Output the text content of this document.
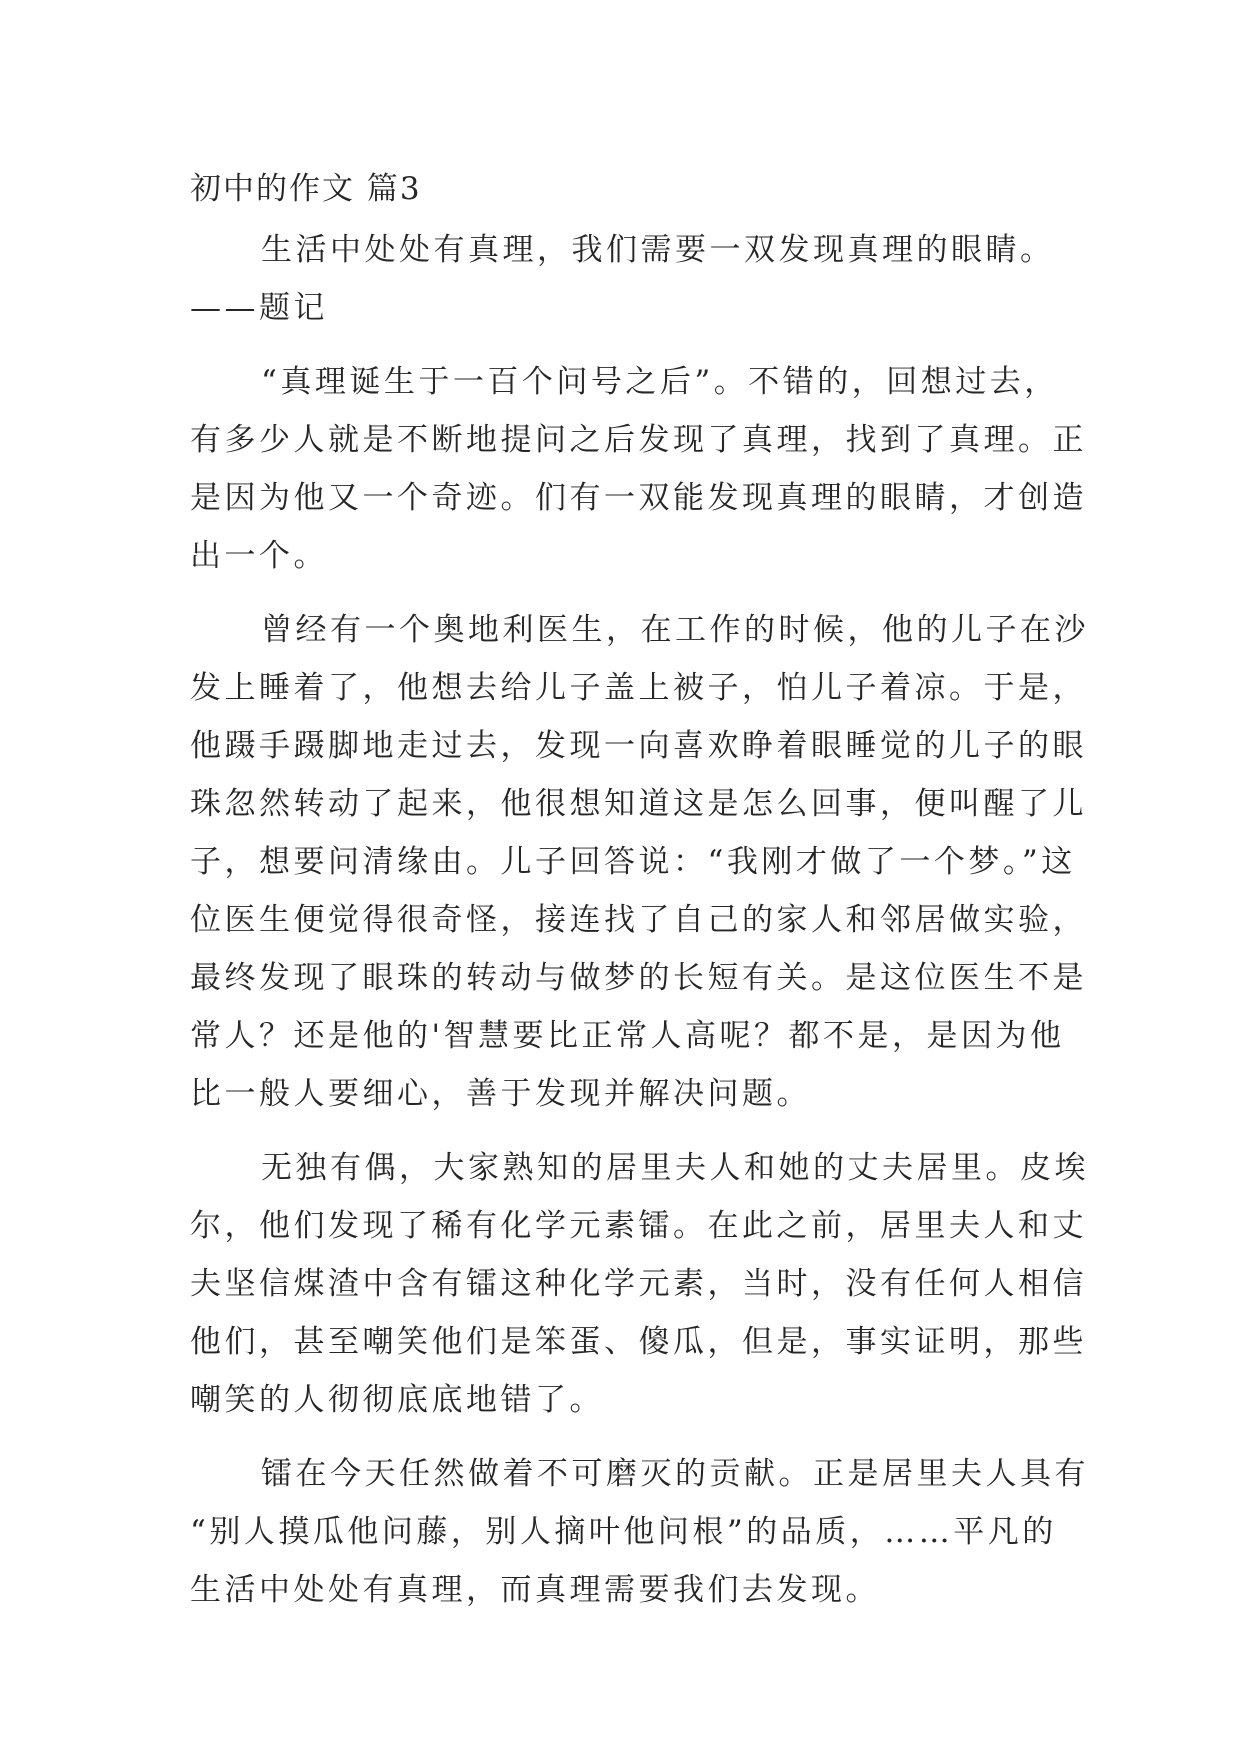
初中的作文 篇3
生活中处处有真理，我们需要一双发现真理的眼睛。
——题记
“真理诞生于一百个问号之后”。不错的，回想过去，
有多少人就是不断地提问之后发现了真理，找到了真理。正
是因为他又一个奇迹。们有一双能发现真理的眼睛，才创造
出一个。
曾经有一个奥地利医生，在工作的时候，他的儿子在沙
发上睡着了，他想去给儿子盖上被子，怕儿子着凉。于是，
他蹑手蹑脚地走过去，发现一向喜欢睁着眼睡觉的儿子的眼
珠忽然转动了起来，他很想知道这是怎么回事，便叫醒了儿
子，想要问清缘由。儿子回答说：“我刚才做了一个梦。”这
位医生便觉得很奇怪，接连找了自己的家人和邻居做实验，
最终发现了眼珠的转动与做梦的长短有关。是这位医生不是
常人？还是他的'智慧要比正常人高呢？都不是，是因为他
比一般人要细心，善于发现并解决问题。
无独有偶，大家熟知的居里夫人和她的丈夫居里。皮埃
尔，他们发现了稀有化学元素镭。在此之前，居里夫人和丈
夫坚信煤渣中含有镭这种化学元素，当时，没有任何人相信
他们，甚至嘲笑他们是笨蛋、傻瓜，但是，事实证明，那些
嘲笑的人彻彻底底地错了。
镭在今天任然做着不可磨灭的贡献。正是居里夫人具有
“别人摸瓜他问藤，别人摘叶他问根”的品质，……平凡的
生活中处处有真理，而真理需要我们去发现。
